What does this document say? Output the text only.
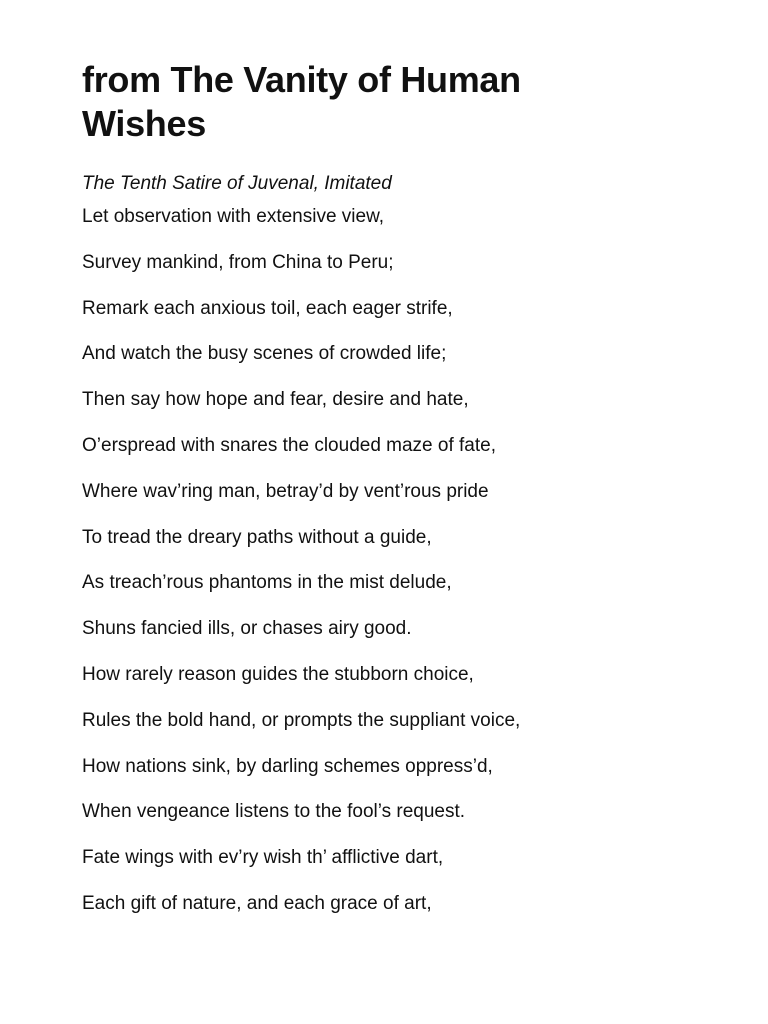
from The Vanity of Human Wishes

The Tenth Satire of Juvenal, Imitated

Let observation with extensive view,
Survey mankind, from China to Peru;
Remark each anxious toil, each eager strife,
And watch the busy scenes of crowded life;
Then say how hope and fear, desire and hate,
O’erspread with snares the clouded maze of fate,
Where wav’ring man, betray’d by vent’rous pride
To tread the dreary paths without a guide,
As treach’rous phantoms in the mist delude,
Shuns fancied ills, or chases airy good.
How rarely reason guides the stubborn choice,
Rules the bold hand, or prompts the suppliant voice,
How nations sink, by darling schemes oppress’d,
When vengeance listens to the fool’s request.
Fate wings with ev’ry wish th’ afflictive dart,
Each gift of nature, and each grace of art,
